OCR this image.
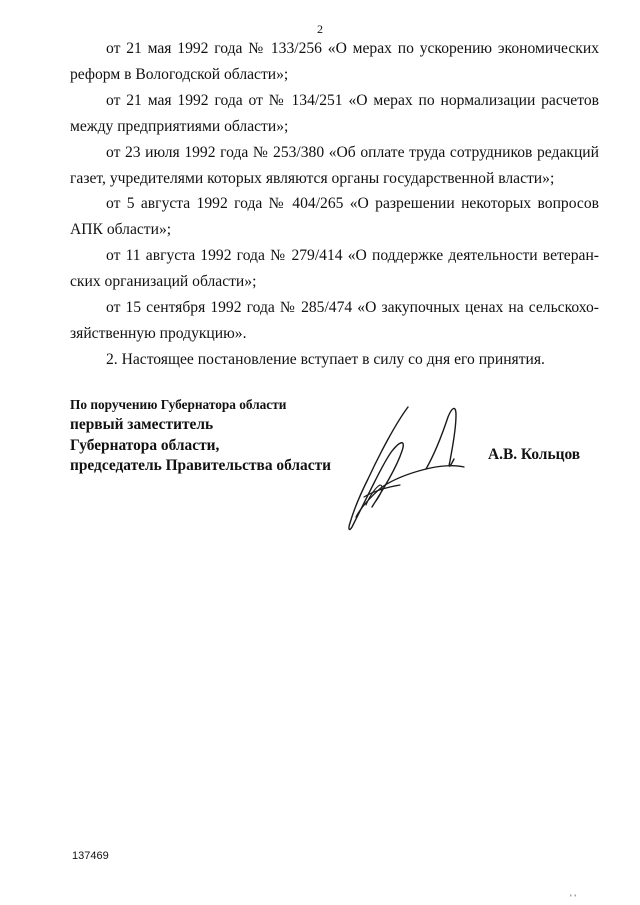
2

от 21 мая 1992 года № 133/256 «О мерах по ускорению экономических реформ в Вологодской области»;

от 21 мая 1992 года от № 134/251 «О мерах по нормализации расчетов между предприятиями области»;

от 23 июля 1992 года № 253/380 «Об оплате труда сотрудников редакций газет, учредителями которых являются органы государственной власти»;

от 5 августа 1992 года № 404/265 «О разрешении некоторых вопросов АПК области»;

от 11 августа 1992 года № 279/414 «О поддержке деятельности ветеранских организаций области»;

от 15 сентября 1992 года № 285/474 «О закупочных ценах на сельскохозяйственную продукцию».

2. Настоящее постановление вступает в силу со дня его принятия.

По поручению Губернатора области
первый заместитель
Губернатора области,
председатель Правительства области
А.В. Кольцов
137469
' '
